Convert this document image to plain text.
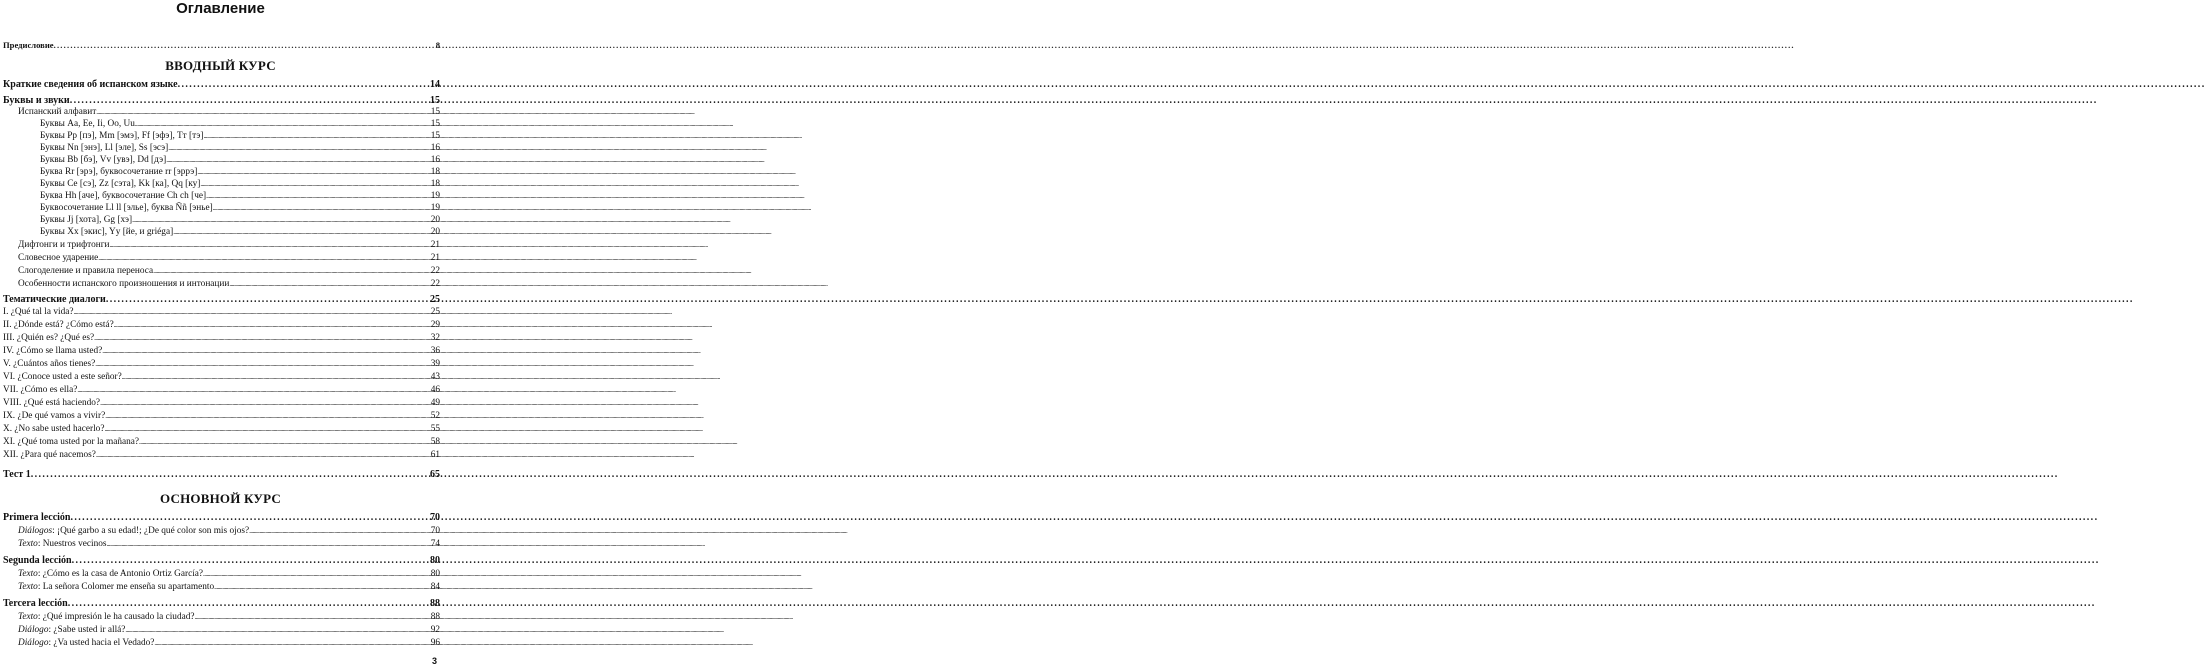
Оглавление
Предисловие .....	8
ВВОДНЫЙ КУРС
Краткие сведения об испанском языке .....	14
Буквы и звуки .....	15
Испанский алфавит .....	15
Буквы Aa, Ee, Ii, Oo, Uu .....	15
Буквы Pp [пэ], Mm [эмэ], Ff [эфэ], Tт [тэ] .....	15
Буквы Nn [энэ], Ll [элe], Ss [эсэ] .....	16
Буквы Bb [бэ], Vv [увэ], Dd [дэ] .....	16
Буква Rr [эрэ], буквосочетание rr [эррэ] .....	18
Буквы Ce [сэ], Zz [сэта], Kk [ка], Qq [ку] .....	18
Буква Hh [аче], буквосочетание Ch ch [че] .....	19
Буквосочетание Ll ll [элье], буква Ññ [энье] .....	19
Буквы Jj [хота], Gg [хэ] .....	20
Буквы Xx [экис], Yy [йе, и griéga] .....	20
Дифтонги и трифтонги .....	21
Словесное ударение .....	21
Слогоделение и правила переноса .....	22
Особенности испанского произношения и интонации .....	22
Тематические диалоги .....	25
I. ¿Qué tal la vida? .....	25
II. ¿Dónde está? ¿Cómo está? .....	29
III. ¿Quién es? ¿Qué es? .....	32
IV. ¿Cómo se llama usted? .....	36
V. ¿Cuántos años tienes? .....	39
VI. ¿Conoce usted a este señor? .....	43
VII. ¿Cómo es ella? .....	46
VIII. ¿Qué está haciendo? .....	49
IX. ¿De qué vamos a vivir? .....	52
X. ¿No sabe usted hacerlo? .....	55
XI. ¿Qué toma usted por la mañana? .....	58
XII. ¿Para qué nacemos? .....	61
Тест 1 .....	65
ОСНОВНОЙ КУРС
Primera lección .....	70
Diálogos: ¡Qué garbo a su edad!; ¿De qué color son mis ojos? .....	70
Texto: Nuestros vecinos .....	74
Segunda lección .....	80
Texto: ¿Cómo es la casa de Antonio Ortiz García? .....	80
Texto: La señora Colomer me enseña su apartamento .....	84
Tercera lección .....	88
Texto: ¿Qué impresión le ha causado la ciudad? .....	88
Diálogo: ¿Sabe usted ir allá? .....	92
Diálogo: ¿Va usted hacia el Vedado? .....	96
3
